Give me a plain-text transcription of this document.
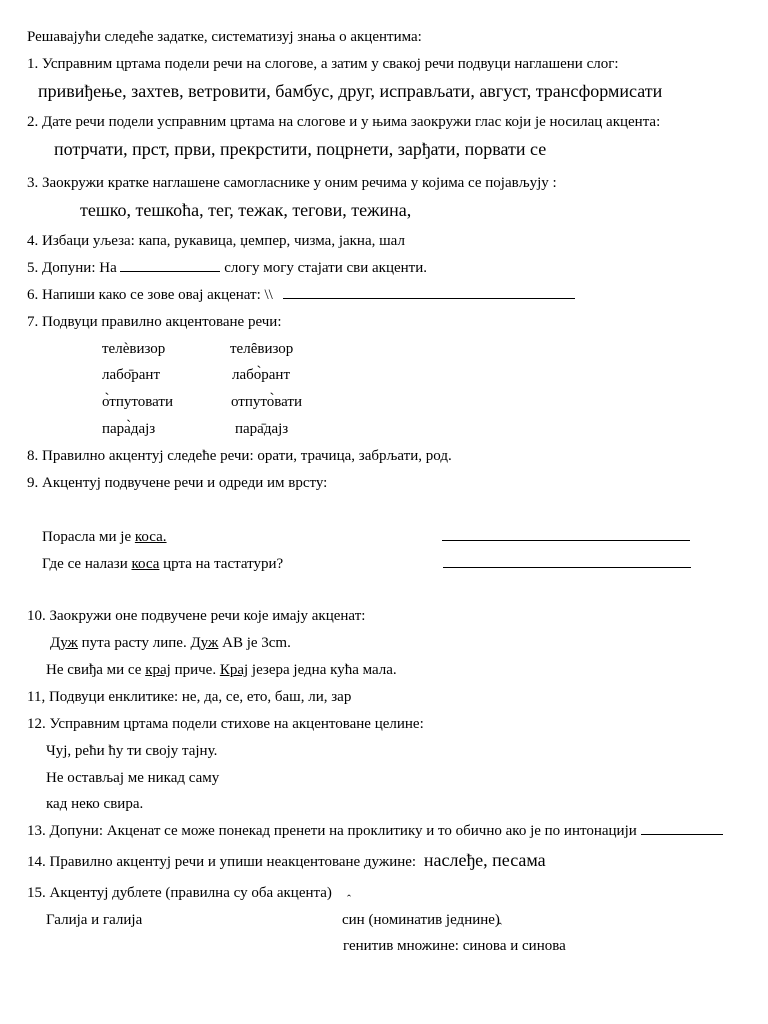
Решавајући следеће задатке, систематизуј знања о акцентима:
1. Усправним цртама подели речи на слогове, а затим у свакој речи подвуци наглашени слог:
привиђење, захтев, ветровити, бамбус, друг, исправљати, август, трансформисати
2. Дате речи подели усправним цртама на слогове и у њима заокружи глас који је носилац акцента:
потрчати, прст, први, прекрстити, поцрнети, зарђати, порвати се
3. Заокружи кратке наглашене самогласнике у оним речима у којима се појављују :
тешко, тешкоћа, тег, тежак, тегови, тежина,
4. Избаци уљеза: капа, рукавица, џемпер, чизма, јакна, шал
5. Допуни: На	слогу могу стајати сви акценти.
6. Напиши како се зове овај акценат: \\
7. Подвуци правилно акцентоване речи:
телѐвизор	телȇвизор
лабо̄рант	лабо̀рант
о̀тпутовати	отпуто̀вати
пара̀дајз	пара̄дајз
8. Правилно акцентуј следеће речи: орати, трачица, забрљати, род.
9. Акцентуј подвучене речи и одреди им врсту:
Порасла ми је коса.
Где се налази коса црта на тастатури?
10. Заокружи оне подвучене речи које имају акценат:
Дуж пута расту липе. Дуж АВ је 3cm.
Не свиђа ми се крај приче. Крај језера једна кућа мала.
11, Подвуци енклитике: не, да, се, ето, баш, ли, зар
12. Усправним цртама подели стихове на акцентоване целине:
Чуј, рећи ћу ти своју тајну.
Не остављај ме никад саму
кад неко свира.
13. Допуни: Акценат се може понекад пренети на проклитику и то обично ако је по интонацији
14. Правилно акцентуј речи и упиши неакцентоване дужине: наслеђе, песама
15. Акцентуј дублете (правилна су оба акцента) ˆ
Галија и галија	син (номинатив једнине)
ˆ
генитив множине: синова и синова
